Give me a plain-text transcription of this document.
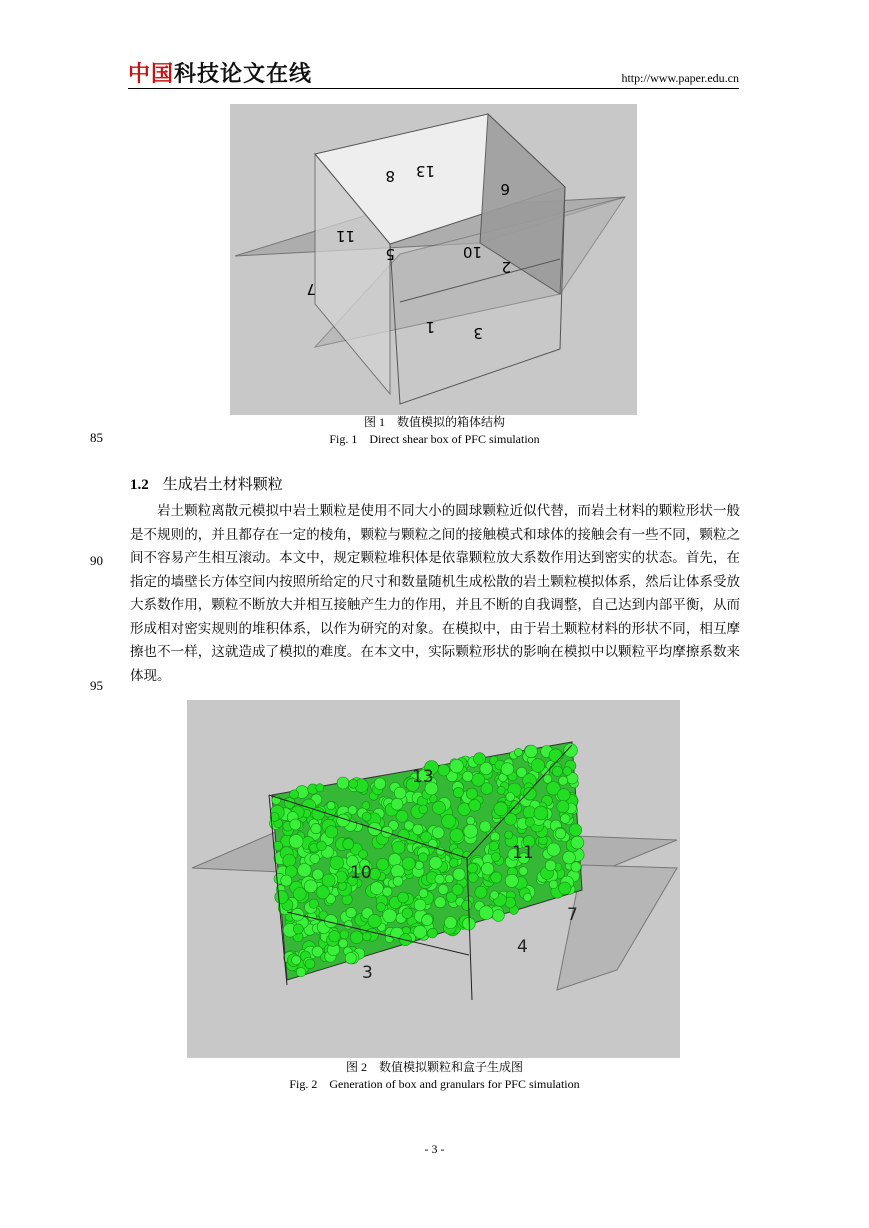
中国科技论文在线	http://www.paper.edu.cn
13
8
6
11
5	10
2
7
1	3
图 1　数值模拟的箱体结构
Fig. 1　Direct shear box of PFC simulation
85
1.2 生成岩土材料颗粒

岩土颗粒离散元模拟中岩土颗粒是使用不同大小的圆球颗粒近似代替，而岩土材料的颗粒形状一般是不规则的，并且都存在一定的棱角，颗粒与颗粒之间的接触模式和球体的接触会有一些不同，颗粒之间不容易产生相互滚动。本文中，规定颗粒堆积体是依靠颗粒放大系数作用达到密实的状态。首先，在指定的墙壁长方体空间内按照所给定的尺寸和数量随机生成松散的岩土颗粒模拟体系，然后让体系受放大系数作用，颗粒不断放大并相互接触产生力的作用，并且不断的自我调整，自己达到内部平衡，从而形成相对密实规则的堆积体系，以作为研究的对象。在模拟中，由于岩土颗粒材料的形状不同，相互摩擦也不一样，这就造成了模拟的难度。在本文中，实际颗粒形状的影响在模拟中以颗粒平均摩擦系数来体现。

90
95
13
11
10
7
4
3
图 2　数值模拟颗粒和盒子生成图
Fig. 2　Generation of box and granulars for PFC simulation
- 3 -
